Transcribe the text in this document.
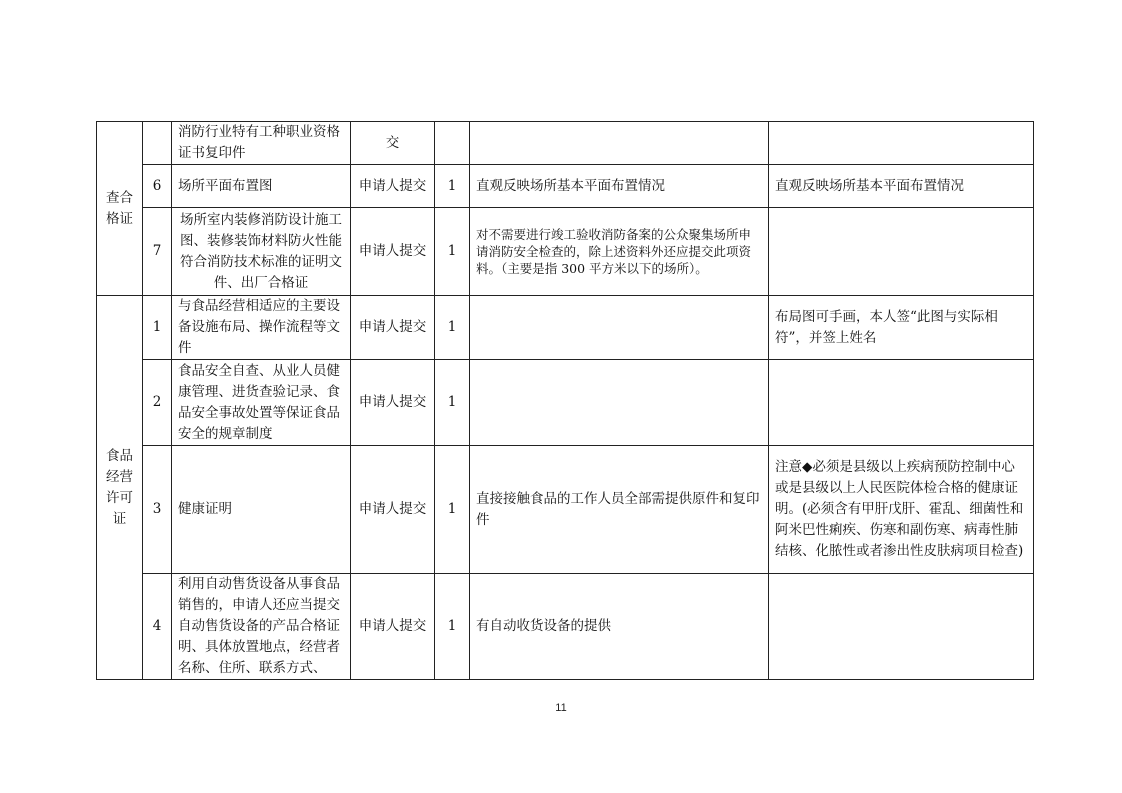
查合格证		消防行业特有工种职业资格证书复印件	交			
	6	场所平面布置图	申请人提交	1	直观反映场所基本平面布置情况	直观反映场所基本平面布置情况
	7	场所室内装修消防设计施工图、装修装饰材料防火性能符合消防技术标准的证明文件、出厂合格证	申请人提交	1	对不需要进行竣工验收消防备案的公众聚集场所申请消防安全检查的，除上述资料外还应提交此项资料。（主要是指 300 平方米以下的场所）。	

食品经营许可证	1	与食品经营相适应的主要设备设施布局、操作流程等文件	申请人提交	1		布局图可手画，本人签“此图与实际相符”，并签上姓名
	2	食品安全自查、从业人员健康管理、进货查验记录、食品安全事故处置等保证食品安全的规章制度	申请人提交	1		
	3	健康证明	申请人提交	1	直接接触食品的工作人员全部需提供原件和复印件	注意◆必须是县级以上疾病预防控制中心或是县级以上人民医院体检合格的健康证明。(必须含有甲肝戊肝、霍乱、细菌性和阿米巴性痢疾、伤寒和副伤寒、病毒性肺结核、化脓性或者渗出性皮肤病项目检查)
	4	利用自动售货设备从事食品销售的，申请人还应当提交自动售货设备的产品合格证明、具体放置地点，经营者名称、住所、联系方式、	申请人提交	1	有自动收货设备的提供	
11
